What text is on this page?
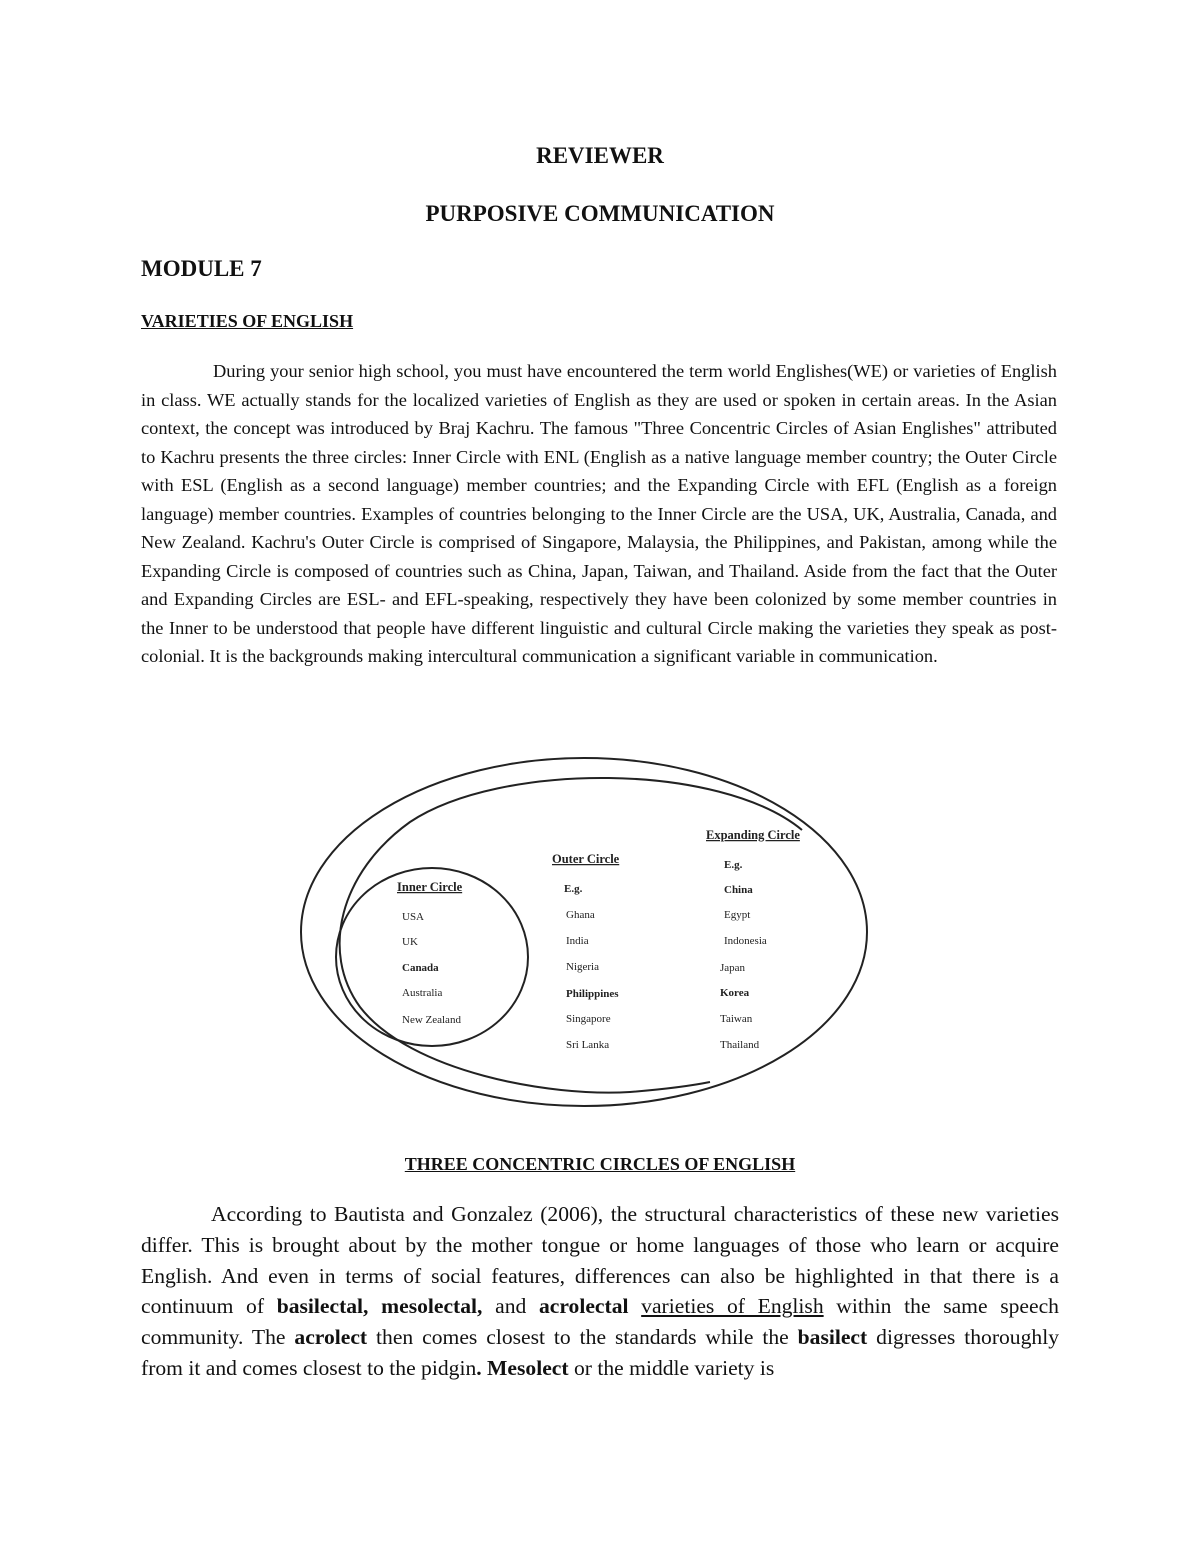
REVIEWER
PURPOSIVE COMMUNICATION
MODULE 7
VARIETIES OF ENGLISH

During your senior high school, you must have encountered the term world Englishes(WE) or varieties of English in class. WE actually stands for the localized varieties of English as they are used or spoken in certain areas. In the Asian context, the concept was introduced by Braj Kachru. The famous "Three Concentric Circles of Asian Englishes" attributed to Kachru presents the three circles: Inner Circle with ENL (English as a native language member country; the Outer Circle with ESL (English as a second language) member countries; and the Expanding Circle with EFL (English as a foreign language) member countries. Examples of countries belonging to the Inner Circle are the USA, UK, Australia, Canada, and New Zealand. Kachru's Outer Circle is comprised of Singapore, Malaysia, the Philippines, and Pakistan, among while the Expanding Circle is composed of countries such as China, Japan, Taiwan, and Thailand. Aside from the fact that the Outer and Expanding Circles are ESL- and EFL-speaking, respectively they have been colonized by some member countries in the Inner to be understood that people have different linguistic and cultural Circle making the varieties they speak as post-colonial. It is the backgrounds making intercultural communication a significant variable in communication.

Inner Circle
USA
UK
Canada
Australia
New Zealand
Outer Circle
E.g.
Ghana
India
Nigeria
Philippines
Singapore
Sri Lanka
Expanding Circle
E.g.
China
Egypt
Indonesia
Japan
Korea
Taiwan
Thailand

THREE CONCENTRIC CIRCLES OF ENGLISH

According to Bautista and Gonzalez (2006), the structural characteristics of these new varieties differ. This is brought about by the mother tongue or home languages of those who learn or acquire English. And even in terms of social features, differences can also be highlighted in that there is a continuum of basilectal, mesolectal, and acrolectal varieties of English within the same speech community. The acrolect then comes closest to the standards while the basilect digresses thoroughly from it and comes closest to the pidgin. Mesolect or the middle variety is
